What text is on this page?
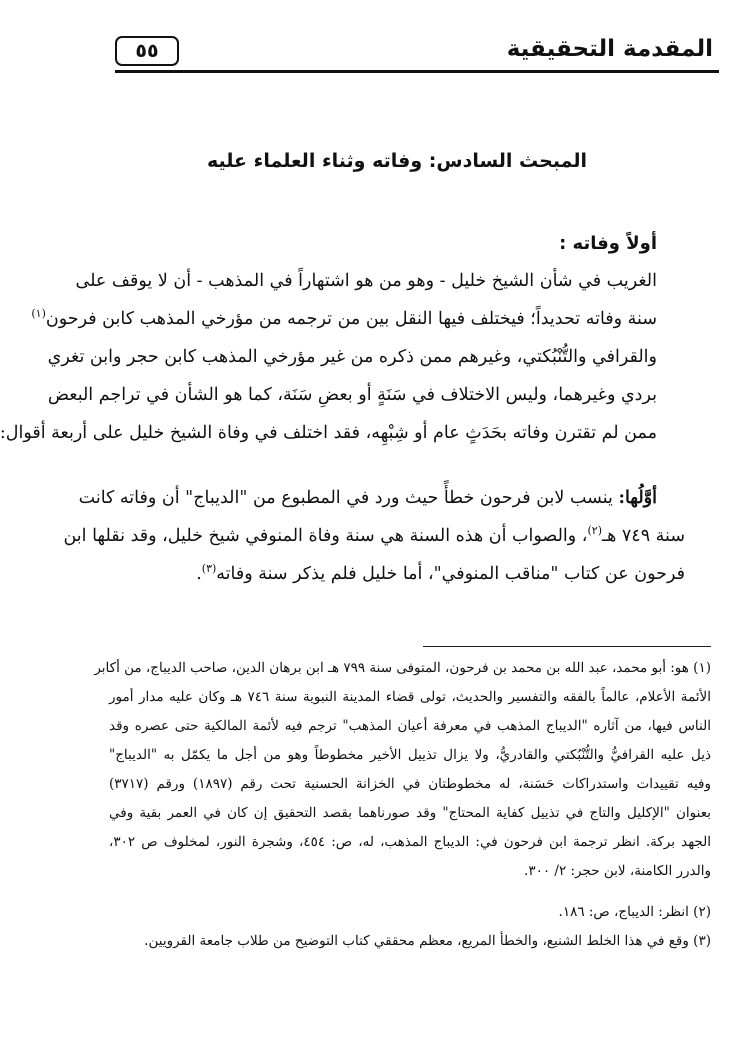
المقدمة التحقيقية
٥٥
المبحث السادس: وفاته وثناء العلماء عليه
أولاً وفاته :
الغريب في شأن الشيخ خليل - وهو من هو اشتهاراً في المذهب - أن لا يوقف على
سنة وفاته تحديداً؛ فيختلف فيها النقل بين من ترجمه من مؤرخي المذهب كابن فرحون$^{(١)}$
والقرافي والتُّنْبُكتي، وغيرهم ممن ذكره من غير مؤرخي المذهب كابن حجر وابن تغري
بردي وغيرهما، وليس الاختلاف في سَنَةٍ أو بعضِ سَنَة، كما هو الشأن في تراجم البعض
ممن لم تقترن وفاته بحَدَثٍ عام أو شِبْهِه، فقد اختلف في وفاة الشيخ خليل على أربعة أقوال:
أوَّلُها: ينسب لابن فرحون خطأً حيث ورد في المطبوع من "الديباج" أن وفاته كانت
سنة ٧٤٩ هـ$^{(٢)}$، والصواب أن هذه السنة هي سنة وفاة المنوفي شيخ خليل، وقد نقلها ابن
فرحون عن كتاب "مناقب المنوفي"، أما خليل فلم يذكر سنة وفاته$^{(٣)}$.
(١) هو: أبو محمد، عبد الله بن محمد بن فرحون، المتوفى سنة ٧٩٩ هـ ابن برهان الدين، صاحب الديباج، من أكابر
الأئمة الأعلام، عالماً بالفقه والتفسير والحديث، تولى قضاء المدينة النبوية سنة ٧٤٦ هـ وكان عليه مدار أمور
الناس فيها، من آثاره "الديباج المذهب في معرفة أعيان المذهب" ترجم فيه لأئمة المالكية حتى عصره وقد
ذيل عليه القرافيُّ والتُّنْبُكتي والقادريُّ، ولا يزال تذييل الأخير مخطوطاً وهو من أجل ما يكمّل به "الديباج"
وفيه تقييدات واستدراكات حَسَنة، له مخطوطتان في الخزانة الحسنية تحت رقم (١٨٩٧) ورقم (٣٧١٧)
بعنوان "الإكليل والتاج في تذييل كفاية المحتاج" وقد صورناهما بقصد التحقيق إن كان في العمر بقية وفي
الجهد بركة. انظر ترجمة ابن فرحون في: الديباج المذهب، له، ص: ٤٥٤، وشجرة النور، لمخلوف ص ٣٠٢،
والدرر الكامنة، لابن حجر: ٢/ ٣٠٠.
(٢) انظر: الديباج، ص: ١٨٦.
(٣) وقع في هذا الخلط الشنيع، والخطأ المريع، معظم محققي كتاب التوضيح من طلاب جامعة القرويين.
